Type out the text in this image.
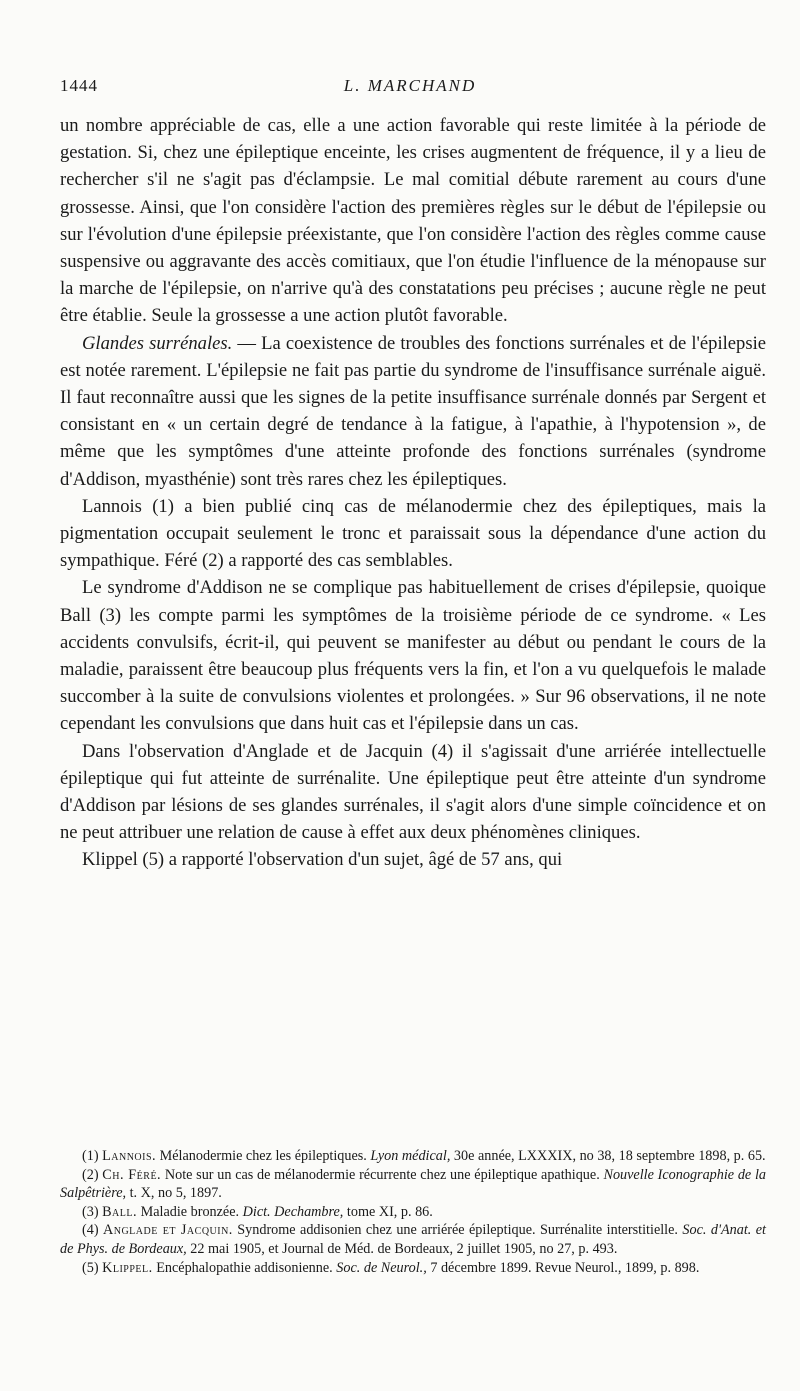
1444	L. MARCHAND

un nombre appréciable de cas, elle a une action favorable qui reste limitée à la période de gestation. Si, chez une épileptique enceinte, les crises augmentent de fréquence, il y a lieu de rechercher s'il ne s'agit pas d'éclampsie. Le mal comitial débute rarement au cours d'une grossesse. Ainsi, que l'on considère l'action des premières règles sur le début de l'épilepsie ou sur l'évolution d'une épilepsie préexistante, que l'on considère l'action des règles comme cause suspensive ou aggravante des accès comitiaux, que l'on étudie l'influence de la ménopause sur la marche de l'épilepsie, on n'arrive qu'à des constatations peu précises ; aucune règle ne peut être établie. Seule la grossesse a une action plutôt favorable.

Glandes surrénales. — La coexistence de troubles des fonctions surrénales et de l'épilepsie est notée rarement. L'épilepsie ne fait pas partie du syndrome de l'insuffisance surrénale aiguë. Il faut reconnaître aussi que les signes de la petite insuffisance surrénale donnés par Sergent et consistant en « un certain degré de tendance à la fatigue, à l'apathie, à l'hypotension », de même que les symptômes d'une atteinte profonde des fonctions surrénales (syndrome d'Addison, myasthénie) sont très rares chez les épileptiques.

Lannois (1) a bien publié cinq cas de mélanodermie chez des épileptiques, mais la pigmentation occupait seulement le tronc et paraissait sous la dépendance d'une action du sympathique. Féré (2) a rapporté des cas semblables.

Le syndrome d'Addison ne se complique pas habituellement de crises d'épilepsie, quoique Ball (3) les compte parmi les symptômes de la troisième période de ce syndrome. « Les accidents convulsifs, écrit-il, qui peuvent se manifester au début ou pendant le cours de la maladie, paraissent être beaucoup plus fréquents vers la fin, et l'on a vu quelquefois le malade succomber à la suite de convulsions violentes et prolongées. » Sur 96 observations, il ne note cependant les convulsions que dans huit cas et l'épilepsie dans un cas.

Dans l'observation d'Anglade et de Jacquin (4) il s'agissait d'une arriérée intellectuelle épileptique qui fut atteinte de surrénalite. Une épileptique peut être atteinte d'un syndrome d'Addison par lésions de ses glandes surrénales, il s'agit alors d'une simple coïncidence et on ne peut attribuer une relation de cause à effet aux deux phénomènes cliniques.

Klippel (5) a rapporté l'observation d'un sujet, âgé de 57 ans, qui

(1) Lannois. Mélanodermie chez les épileptiques. Lyon médical, 30e année, LXXXIX, no 38, 18 septembre 1898, p. 65.

(2) Ch. Féré. Note sur un cas de mélanodermie récurrente chez une épileptique apathique. Nouvelle Iconographie de la Salpêtrière, t. X, no 5, 1897.

(3) Ball. Maladie bronzée. Dict. Dechambre, tome XI, p. 86.

(4) Anglade et Jacquin. Syndrome addisonien chez une arriérée épileptique. Surrénalite interstitielle. Soc. d'Anat. et de Phys. de Bordeaux, 22 mai 1905, et Journal de Méd. de Bordeaux, 2 juillet 1905, no 27, p. 493.

(5) Klippel. Encéphalopathie addisonienne. Soc. de Neurol., 7 décembre 1899. Revue Neurol., 1899, p. 898.
